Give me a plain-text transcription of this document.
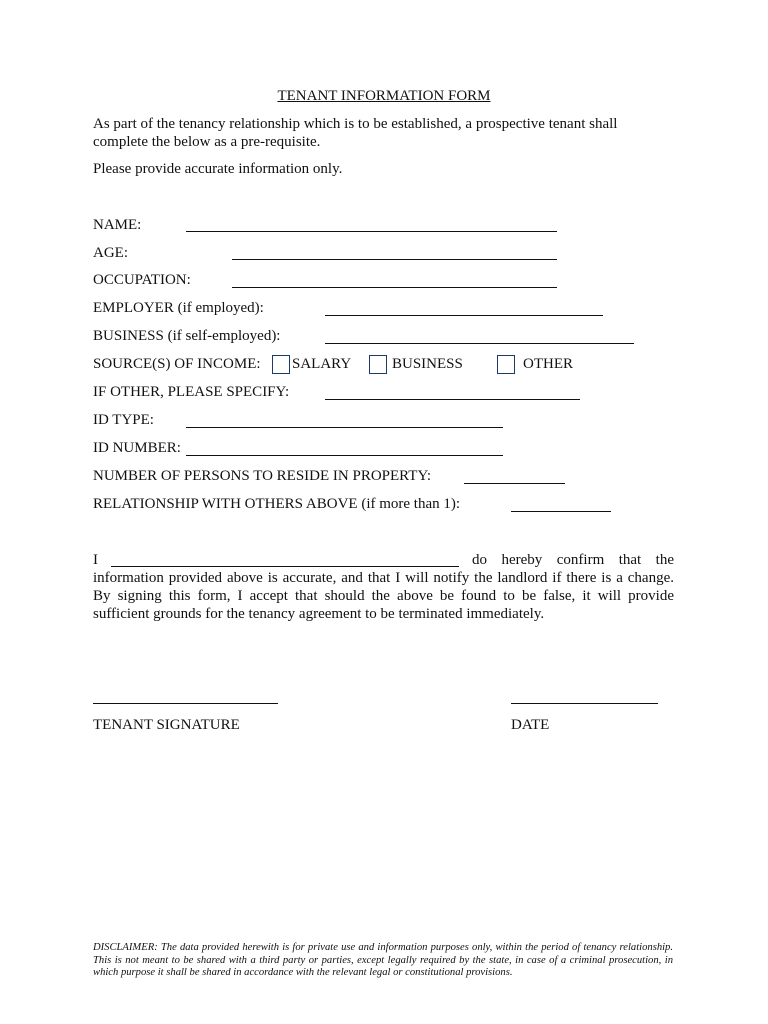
TENANT INFORMATION FORM
As part of the tenancy relationship which is to be established, a prospective tenant shall complete the below as a pre-requisite.
Please provide accurate information only.
NAME:
AGE:
OCCUPATION:
EMPLOYER (if employed):
BUSINESS (if self-employed):
SOURCE(S) OF INCOME: SALARY	BUSINESS	OTHER
IF OTHER, PLEASE SPECIFY:
ID TYPE:
ID NUMBER:
NUMBER OF PERSONS TO RESIDE IN PROPERTY:
RELATIONSHIP WITH OTHERS ABOVE (if more than 1):
I	do hereby confirm that the
information provided above is accurate, and that I will notify the landlord if there is a change. By signing this form, I accept that should the above be found to be false, it will provide sufficient grounds for the tenancy agreement to be terminated immediately.
TENANT SIGNATURE	DATE
DISCLAIMER: The data provided herewith is for private use and information purposes only, within the period of tenancy relationship. This is not meant to be shared with a third party or parties, except legally required by the state, in case of a criminal prosecution, in which purpose it shall be shared in accordance with the relevant legal or constitutional provisions.
